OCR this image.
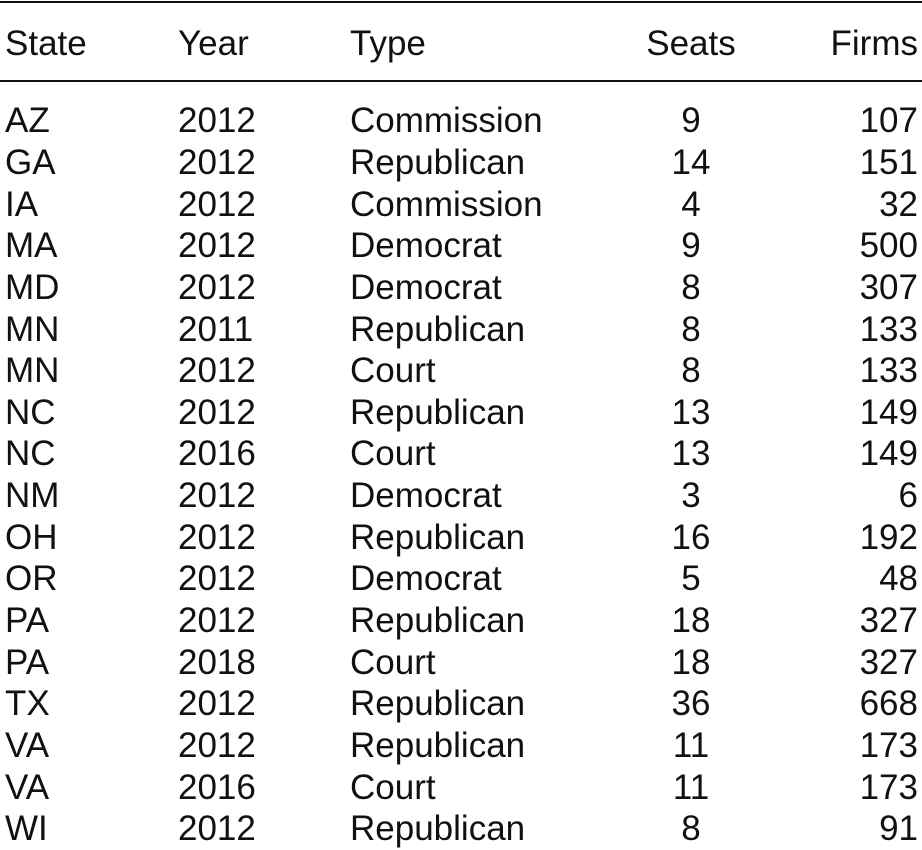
State	Year	Type	Seats	Firms
AZ	2012	Commission	9	107
GA	2012	Republican	14	151
IA	2012	Commission	4	32
MA	2012	Democrat	9	500
MD	2012	Democrat	8	307
MN	2011	Republican	8	133
MN	2012	Court	8	133
NC	2012	Republican	13	149
NC	2016	Court	13	149
NM	2012	Democrat	3	6
OH	2012	Republican	16	192
OR	2012	Democrat	5	48
PA	2012	Republican	18	327
PA	2018	Court	18	327
TX	2012	Republican	36	668
VA	2012	Republican	11	173
VA	2016	Court	11	173
WI	2012	Republican	8	91
